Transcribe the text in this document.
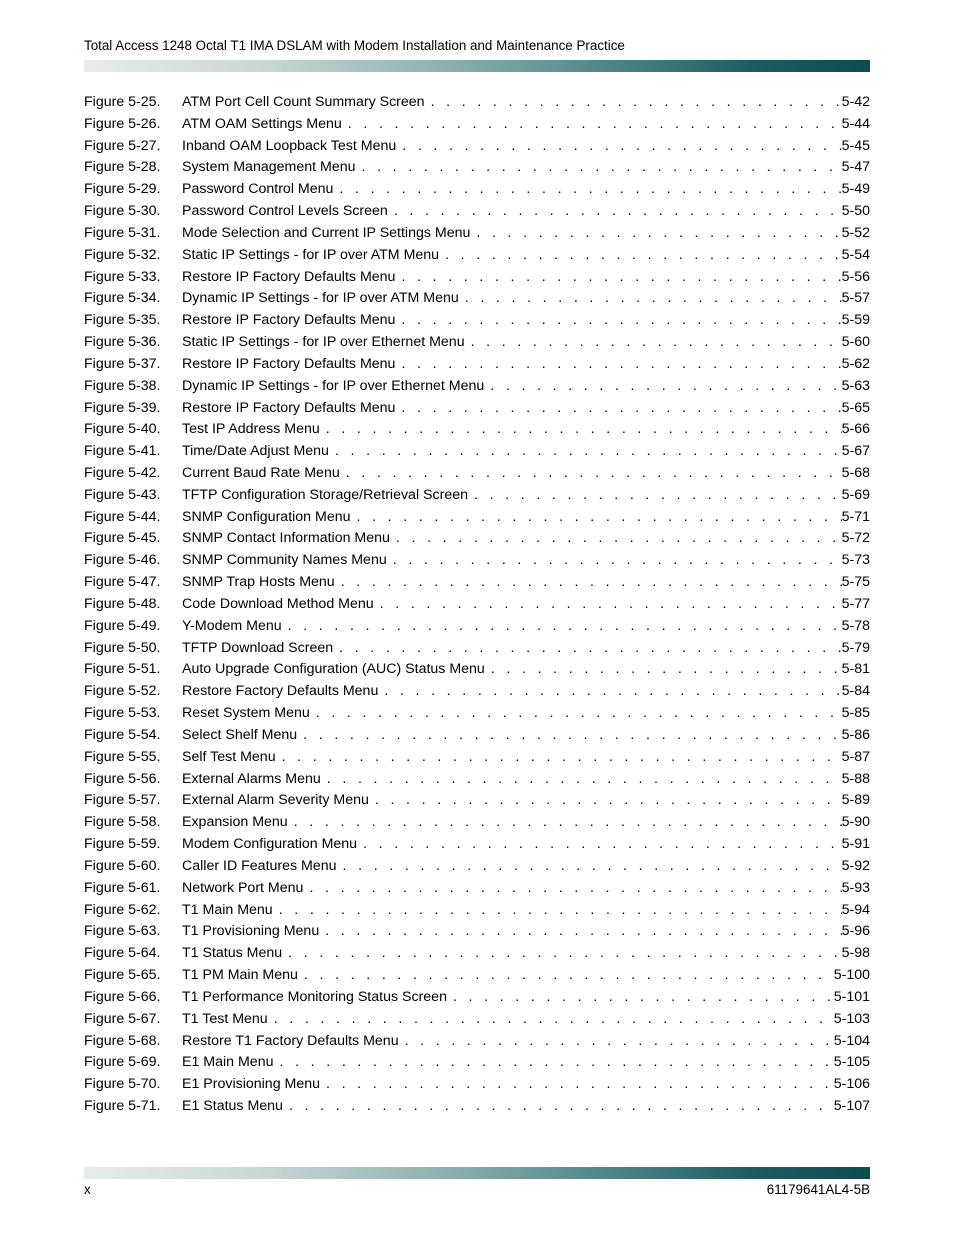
Total Access 1248 Octal T1 IMA DSLAM with Modem Installation and Maintenance Practice
Figure 5-25.	ATM Port Cell Count Summary Screen . . .	5-42
Figure 5-26.	ATM OAM Settings Menu . . .	5-44
Figure 5-27.	Inband OAM Loopback Test Menu . . .	5-45
Figure 5-28.	System Management Menu . . .	5-47
Figure 5-29.	Password Control Menu . . .	5-49
Figure 5-30.	Password Control Levels Screen . . .	5-50
Figure 5-31.	Mode Selection and Current IP Settings Menu . . .	5-52
Figure 5-32.	Static IP Settings - for IP over ATM Menu . . .	5-54
Figure 5-33.	Restore IP Factory Defaults Menu . . .	5-56
Figure 5-34.	Dynamic IP Settings - for IP over ATM Menu . . .	5-57
Figure 5-35.	Restore IP Factory Defaults Menu . . .	5-59
Figure 5-36.	Static IP Settings - for IP over Ethernet Menu . . .	5-60
Figure 5-37.	Restore IP Factory Defaults Menu . . .	5-62
Figure 5-38.	Dynamic IP Settings - for IP over Ethernet Menu . . .	5-63
Figure 5-39.	Restore IP Factory Defaults Menu . . .	5-65
Figure 5-40.	Test IP Address Menu . . .	5-66
Figure 5-41.	Time/Date Adjust Menu . . .	5-67
Figure 5-42.	Current Baud Rate Menu . . .	5-68
Figure 5-43.	TFTP Configuration Storage/Retrieval Screen . . .	5-69
Figure 5-44.	SNMP Configuration Menu . . .	5-71
Figure 5-45.	SNMP Contact Information Menu . . .	5-72
Figure 5-46.	SNMP Community Names Menu . . .	5-73
Figure 5-47.	SNMP Trap Hosts Menu . . .	5-75
Figure 5-48.	Code Download Method Menu . . .	5-77
Figure 5-49.	Y-Modem Menu . . .	5-78
Figure 5-50.	TFTP Download Screen . . .	5-79
Figure 5-51.	Auto Upgrade Configuration (AUC) Status Menu . . .	5-81
Figure 5-52.	Restore Factory Defaults Menu . . .	5-84
Figure 5-53.	Reset System Menu . . .	5-85
Figure 5-54.	Select Shelf Menu . . .	5-86
Figure 5-55.	Self Test Menu . . .	5-87
Figure 5-56.	External Alarms Menu . . .	5-88
Figure 5-57.	External Alarm Severity Menu . . .	5-89
Figure 5-58.	Expansion Menu . . .	5-90
Figure 5-59.	Modem Configuration Menu . . .	5-91
Figure 5-60.	Caller ID Features Menu . . .	5-92
Figure 5-61.	Network Port Menu . . .	5-93
Figure 5-62.	T1 Main Menu . . .	5-94
Figure 5-63.	T1 Provisioning Menu . . .	5-96
Figure 5-64.	T1 Status Menu . . .	5-98
Figure 5-65.	T1 PM Main Menu . . .	5-100
Figure 5-66.	T1 Performance Monitoring Status Screen . . .	5-101
Figure 5-67.	T1 Test Menu . . .	5-103
Figure 5-68.	Restore T1 Factory Defaults Menu . . .	5-104
Figure 5-69.	E1 Main Menu . . .	5-105
Figure 5-70.	E1 Provisioning Menu . . .	5-106
Figure 5-71.	E1 Status Menu . . .	5-107
x	61179641AL4-5B
